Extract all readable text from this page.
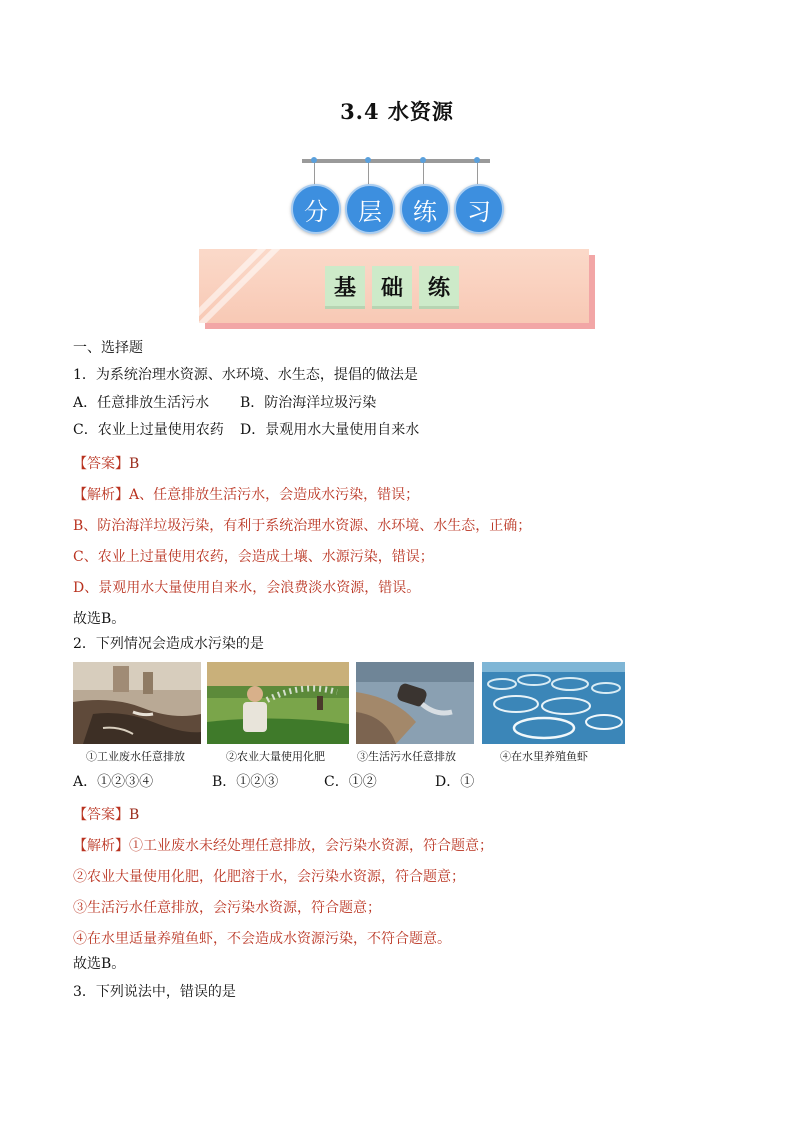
3.4 水资源
分	层	练	习
基	础	练
一、选择题
1．为系统治理水资源、水环境、水生态，提倡的做法是
A．任意排放生活污水 B．防治海洋垃圾污染
C．农业上过量使用农药 D．景观用水大量使用自来水
【答案】B
【解析】A、任意排放生活污水，会造成水污染，错误；
B、防治海洋垃圾污染，有利于系统治理水资源、水环境、水生态，正确；
C、农业上过量使用农药，会造成土壤、水源污染，错误；
D、景观用水大量使用自来水，会浪费淡水资源，错误。
故选B。
2．下列情况会造成水污染的是
①工业废水任意排放	②农业大量使用化肥	③生活污水任意排放	④在水里养殖鱼虾
A．①②③④	B．①②③	C．①②	D．①
【答案】B
【解析】①工业废水未经处理任意排放，会污染水资源，符合题意；
②农业大量使用化肥，化肥溶于水，会污染水资源，符合题意；
③生活污水任意排放，会污染水资源，符合题意；
④在水里适量养殖鱼虾，不会造成水资源污染，不符合题意。
故选B。
3．下列说法中，错误的是
